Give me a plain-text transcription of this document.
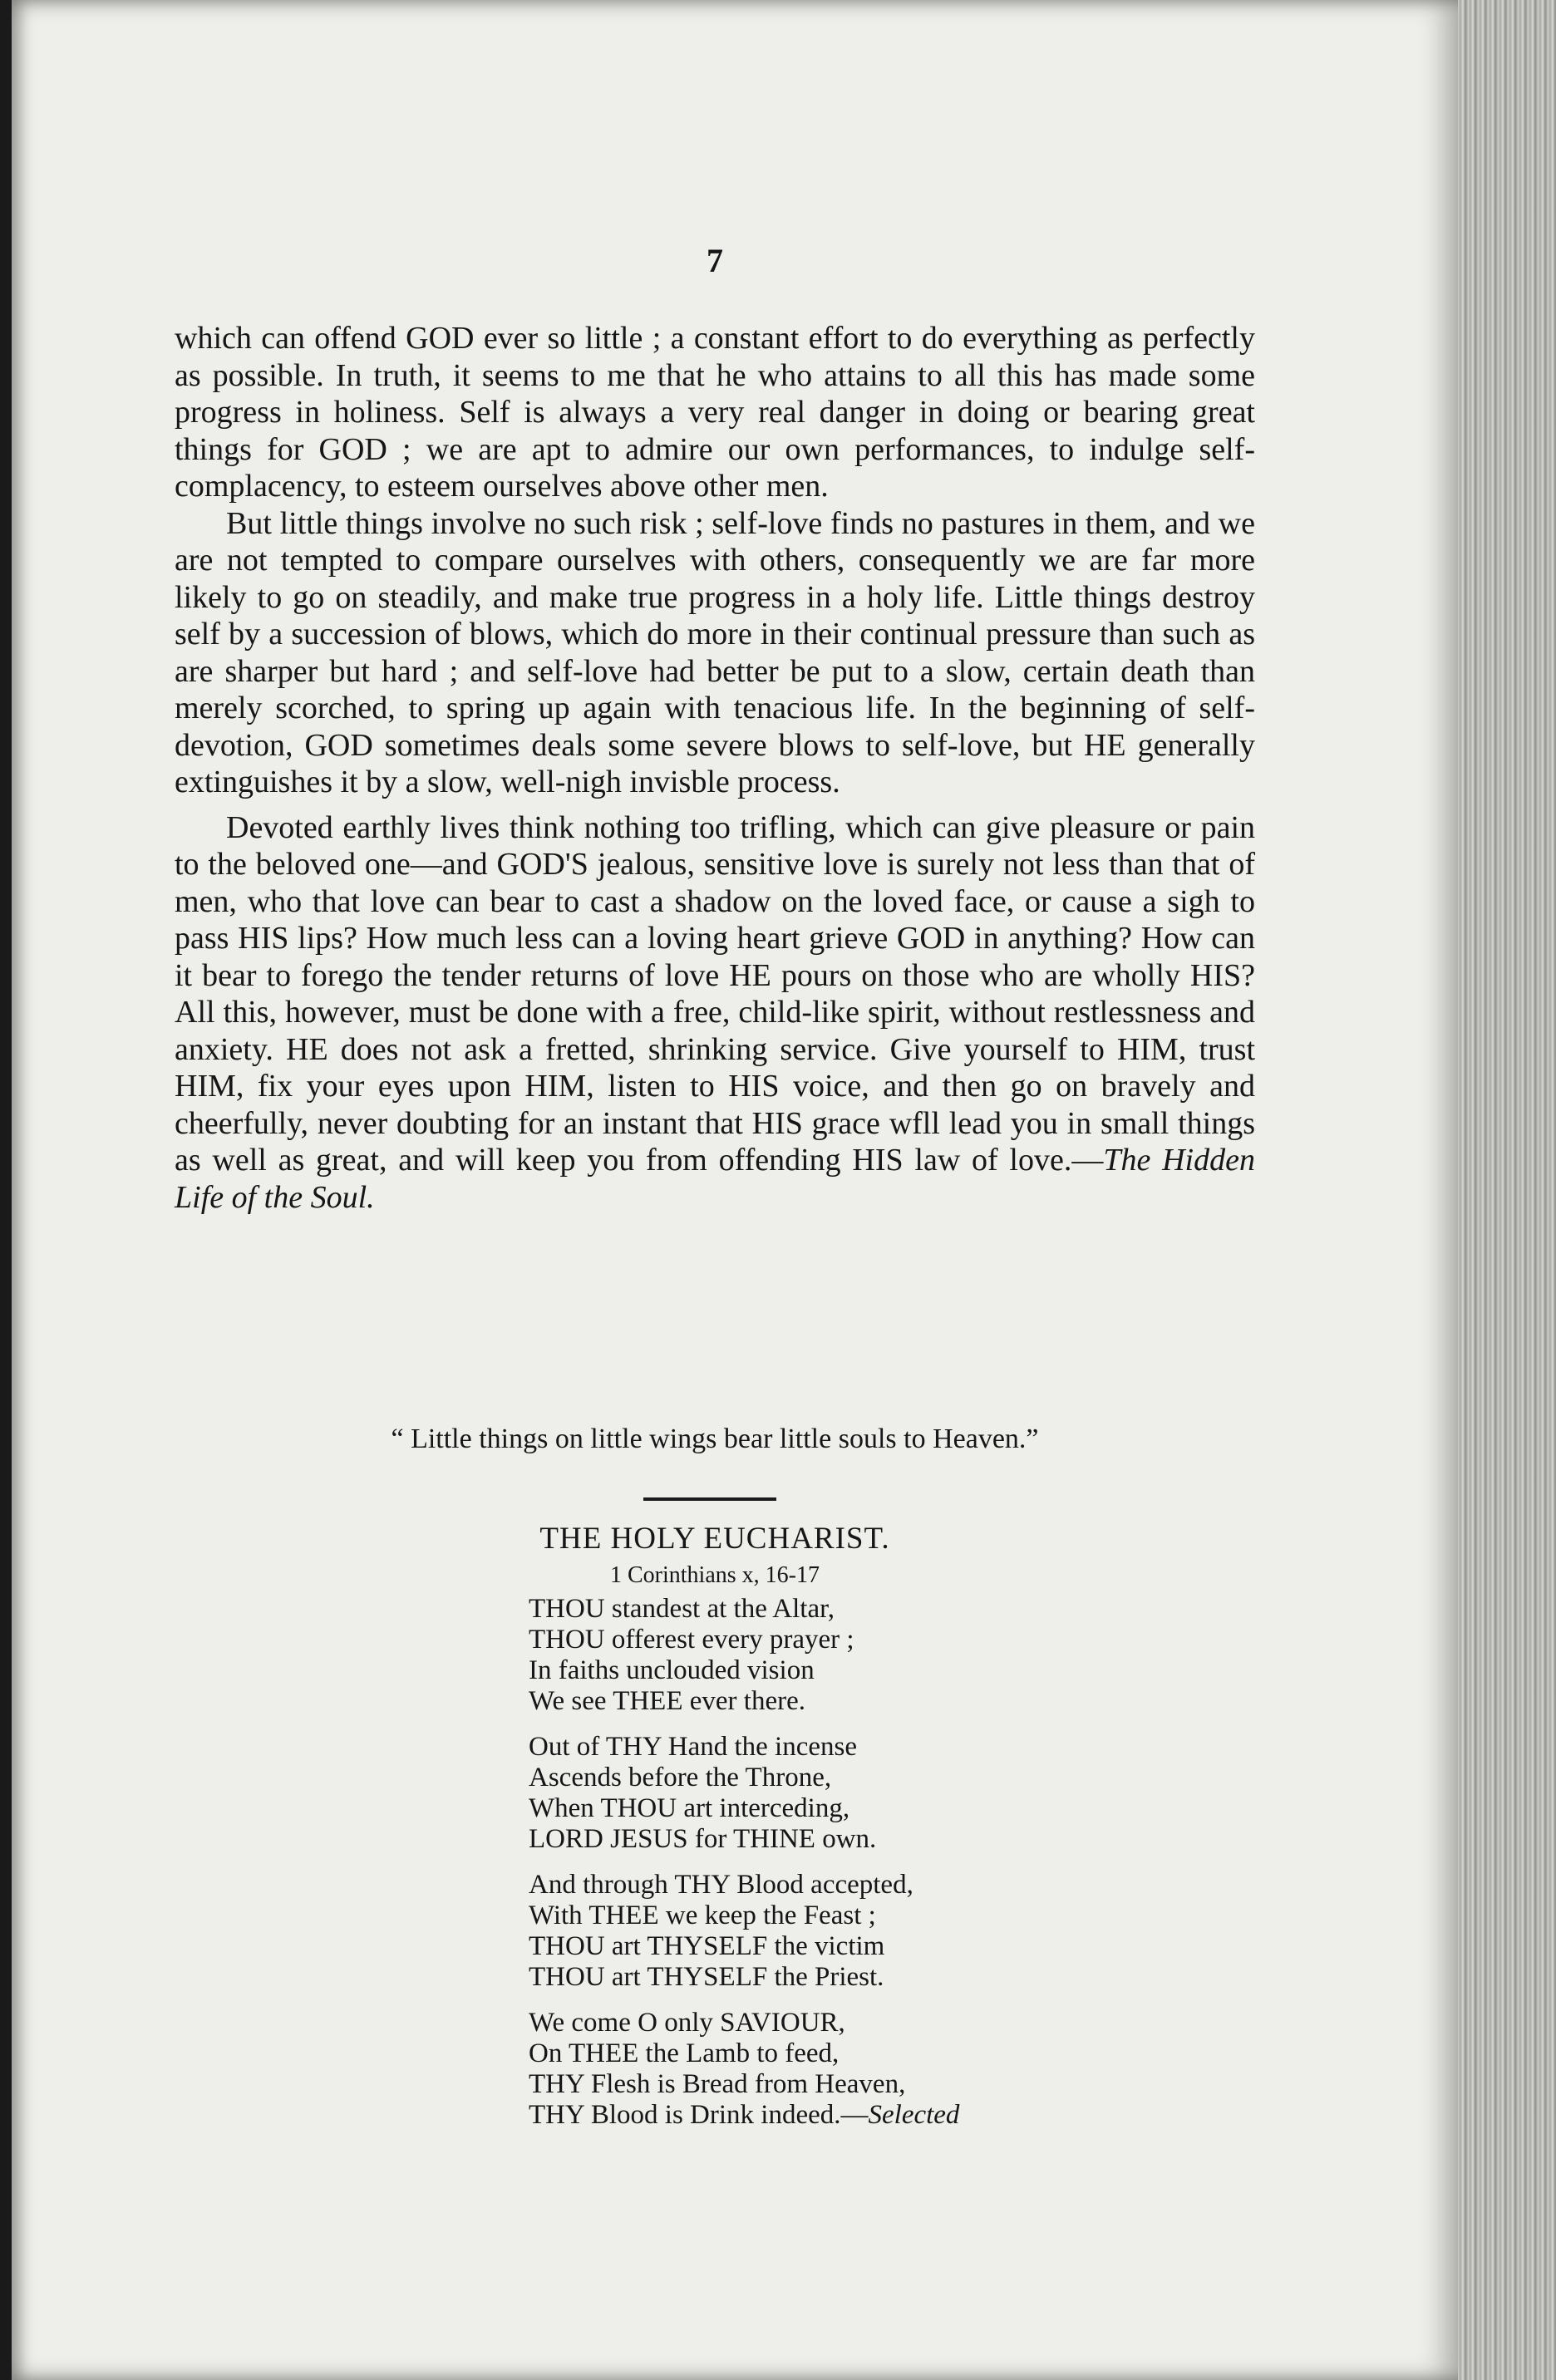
7

which can offend GOD ever so little ; a constant effort to do everything as perfectly as possible. In truth, it seems to me that he who attains to all this has made some progress in holiness. Self is always a very real danger in doing or bearing great things for GOD ; we are apt to admire our own performances, to indulge self-complacency, to esteem ourselves above other men.

But little things involve no such risk ; self-love finds no pastures in them, and we are not tempted to compare ourselves with others, consequently we are far more likely to go on steadily, and make true progress in a holy life. Little things destroy self by a succession of blows, which do more in their continual pressure than such as are sharper but hard ; and self-love had better be put to a slow, certain death than merely scorched, to spring up again with tenacious life. In the beginning of self-devotion, GOD sometimes deals some severe blows to self-love, but HE generally extinguishes it by a slow, well-nigh invisble process.

Devoted earthly lives think nothing too trifling, which can give pleasure or pain to the beloved one—and GOD'S jealous, sensitive love is surely not less than that of men, who that love can bear to cast a shadow on the loved face, or cause a sigh to pass HIS lips? How much less can a loving heart grieve GOD in anything? How can it bear to forego the tender returns of love HE pours on those who are wholly HIS? All this, however, must be done with a free, child-like spirit, without restlessness and anxiety. HE does not ask a fretted, shrinking service. Give yourself to HIM, trust HIM, fix your eyes upon HIM, listen to HIS voice, and then go on bravely and cheerfully, never doubting for an instant that HIS grace wfll lead you in small things as well as great, and will keep you from offending HIS law of love.—The Hidden Life of the Soul.

“ Little things on little wings bear little souls to Heaven.”
THE HOLY EUCHARIST.
1 Corinthians x, 16-17
THOU standest at the Altar,
THOU offerest every prayer ;
In faiths unclouded vision
We see THEE ever there.
Out of THY Hand the incense
Ascends before the Throne,
When THOU art interceding,
LORD JESUS for THINE own.
And through THY Blood accepted,
With THEE we keep the Feast ;
THOU art THYSELF the victim
THOU art THYSELF the Priest.
We come O only SAVIOUR,
On THEE the Lamb to feed,
THY Flesh is Bread from Heaven,
THY Blood is Drink indeed.—Selected
